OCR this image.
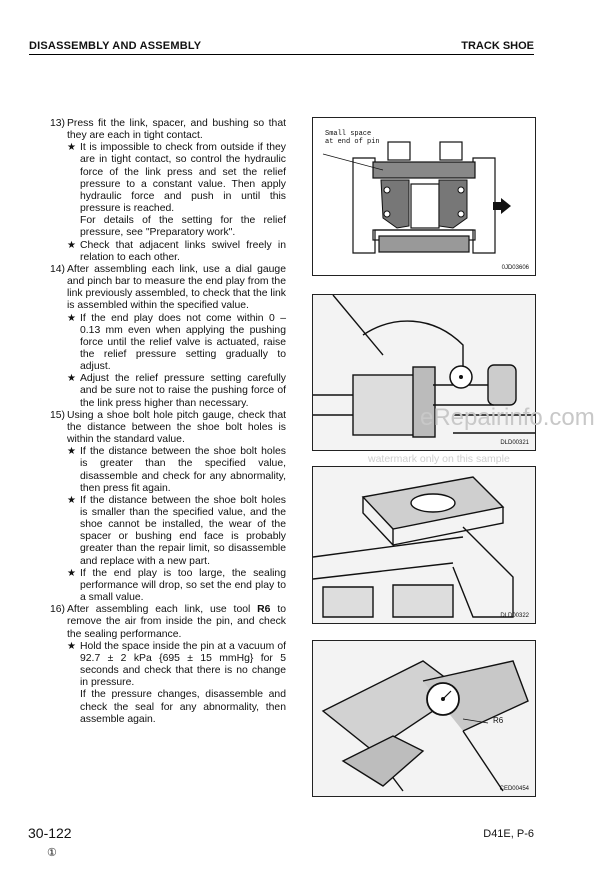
DISASSEMBLY AND ASSEMBLY	TRACK SHOE
13) Press fit the link, spacer, and bushing so that they are each in tight contact.
★ It is impossible to check from outside if they are in tight contact, so control the hydraulic force of the link press and set the relief pressure to a constant value. Then apply hydraulic force and push in until this pressure is reached.
For details of the setting for the relief pressure, see "Preparatory work".
★ Check that adjacent links swivel freely in relation to each other.
14) After assembling each link, use a dial gauge and pinch bar to measure the end play from the link previously assembled, to check that the link is assembled within the specified value.
★ If the end play does not come within 0 – 0.13 mm even when applying the pushing force until the relief valve is actuated, raise the relief pressure setting gradually to adjust.
★ Adjust the relief pressure setting carefully and be sure not to raise the pushing force of the link press higher than necessary.
15) Using a shoe bolt hole pitch gauge, check that the distance between the shoe bolt holes is within the standard value.
★ If the distance between the shoe bolt holes is greater than the specified value, disassemble and check for any abnormality, then press fit again.
★ If the distance between the shoe bolt holes is smaller than the specified value, and the shoe cannot be installed, the wear of the spacer or bushing end face is probably greater than the repair limit, so disassemble and replace with a new part.
★ If the end play is too large, the sealing performance will drop, so set the end play to a small value.
16) After assembling each link, use tool R6 to remove the air from inside the pin, and check the sealing performance.
★ Hold the space inside the pin at a vacuum of 92.7 ± 2 kPa {695 ± 15 mmHg} for 5 seconds and check that there is no change in pressure.
If the pressure changes, disassemble and check the seal for any abnormality, then assemble again.
Small space
at end of pin
0JD03606
DLD00321
DLD00322
R6
CED00454
eRepairinfo.com
watermark only on this sample
30-122
①
D41E, P-6
